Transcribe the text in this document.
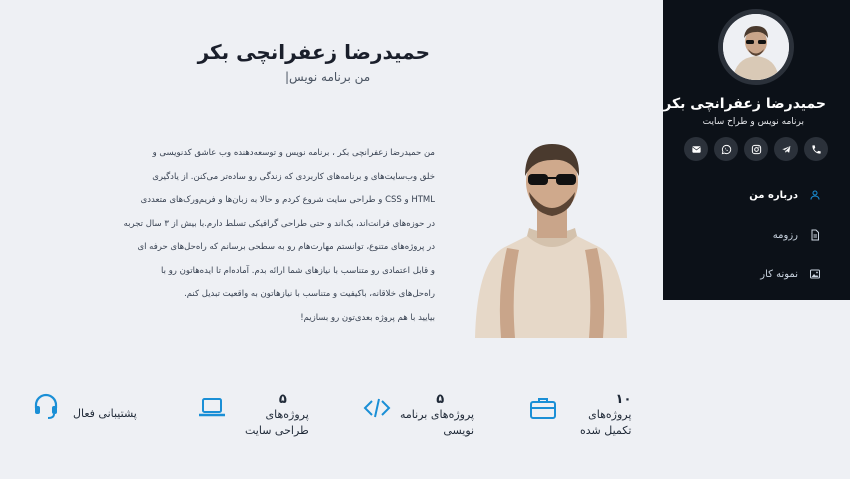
حمیدرضا زعفرانچی بکر
برنامه نویس و طراح سایت
درباره من
رزومه
نمونه کار
حمیدرضا زعفرانچی بکر
من برنامه نویس|
من حمیدرضا زعفرانچی بکر ، برنامه نویس و توسعه‌دهنده وب عاشق کدنویسی و
خلق وب‌سایت‌های و برنامه‌های کاربردی که زندگی رو ساده‌تر می‌کنن. از یادگیری
HTML و CSS و طراحی سایت شروع کردم و حالا به زبان‌ها و فریم‌ورک‌های متعددی
در حوزه‌های فرانت‌اند، بک‌اند و حتی طراحی گرافیکی تسلط دارم.با بیش از ۳ سال تجربه
در پروژه‌های متنوع، توانستم مهارت‌هام رو به سطحی برسانم که راه‌حل‌های حرفه ای
و قابل اعتمادی رو متناسب با نیازهای شما ارائه بدم. آماده‌ام تا ایده‌هاتون رو با
راه‌حل‌های خلاقانه، باکیفیت و متناسب با نیازهاتون به واقعیت تبدیل کنم.
بیایید با هم پروژه بعدی‌تون رو بسازیم!
۱۰
پروژه‌های
تکمیل شده
۵
پروژه‌های برنامه
نویسی
۵
پروژه‌های
طراحی سایت
پشتیبانی فعال
